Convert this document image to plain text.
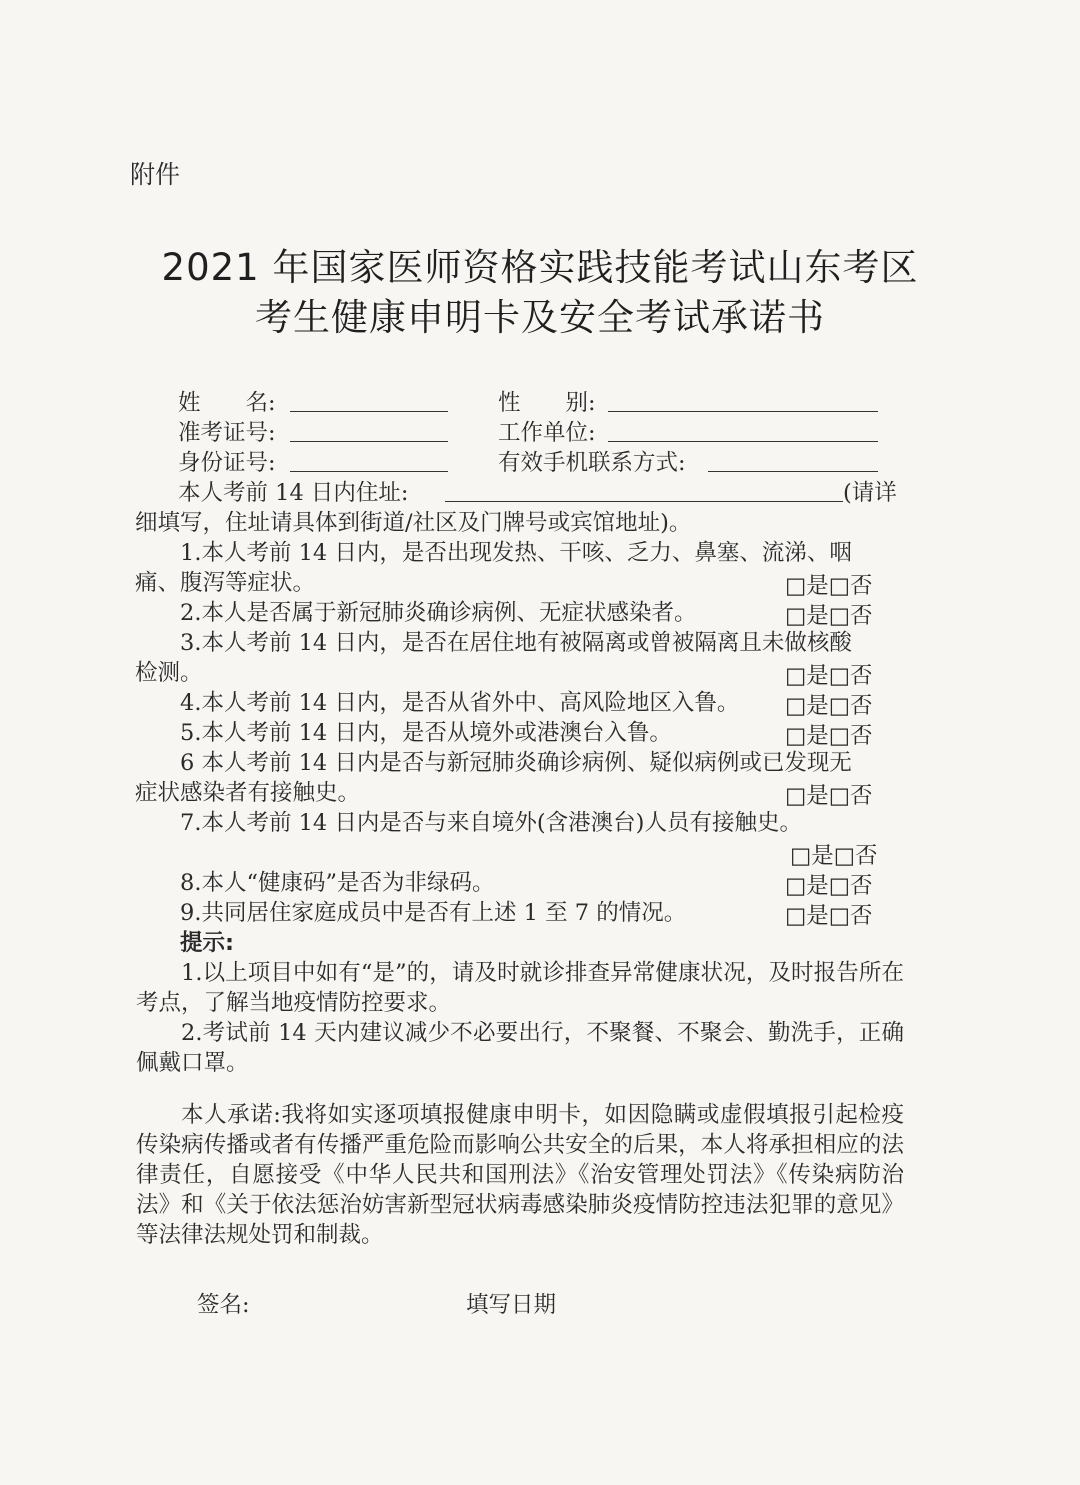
附件
2021 年国家医师资格实践技能考试山东考区
考生健康申明卡及安全考试承诺书
姓　　名:	性　　别:
准考证号:	工作单位:
身份证号:	有效手机联系方式:
本人考前 14 日内住址:	(请详
细填写，住址请具体到街道/社区及门牌号或宾馆地址)。
1.本人考前 14 日内，是否出现发热、干咳、乏力、鼻塞、流涕、咽
痛、腹泻等症状。	□是□否
2.本人是否属于新冠肺炎确诊病例、无症状感染者。	□是□否
3.本人考前 14 日内，是否在居住地有被隔离或曾被隔离且未做核酸
检测。	□是□否
4.本人考前 14 日内，是否从省外中、高风险地区入鲁。 □是□否
5.本人考前 14 日内，是否从境外或港澳台入鲁。	□是□否
6 本人考前 14 日内是否与新冠肺炎确诊病例、疑似病例或已发现无
症状感染者有接触史。	□是□否
7.本人考前 14 日内是否与来自境外(含港澳台)人员有接触史。
□是□否
8.本人“健康码”是否为非绿码。	□是□否
9.共同居住家庭成员中是否有上述 1 至 7 的情况。	□是□否
提示:
1.以上项目中如有“是”的，请及时就诊排查异常健康状况，及时报告所在考点，了解当地疫情防控要求。
2.考试前 14 天内建议减少不必要出行，不聚餐、不聚会、勤洗手，正确佩戴口罩。
本人承诺:我将如实逐项填报健康申明卡，如因隐瞒或虚假填报引起检疫传染病传播或者有传播严重危险而影响公共安全的后果，本人将承担相应的法律责任，自愿接受《中华人民共和国刑法》《治安管理处罚法》《传染病防治法》和《关于依法惩治妨害新型冠状病毒感染肺炎疫情防控违法犯罪的意见》等法律法规处罚和制裁。
签名:	填写日期
